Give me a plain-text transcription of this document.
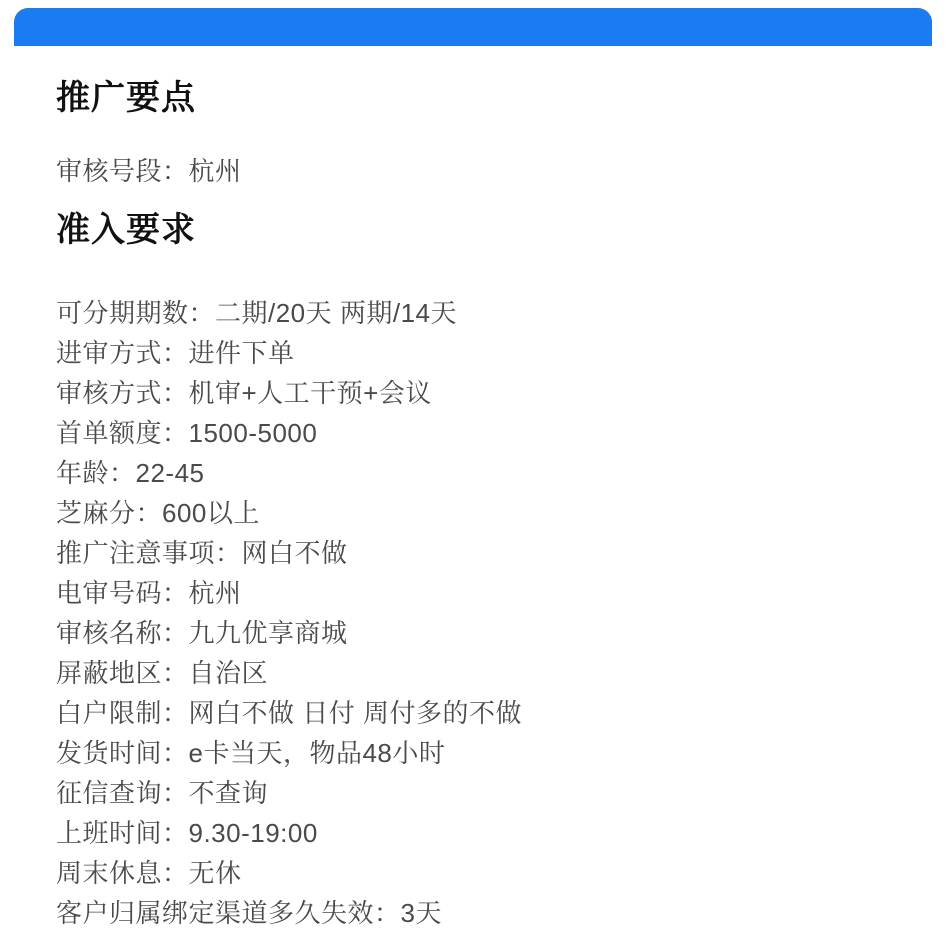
推广要点
审核号段：杭州
准入要求
可分期期数：二期/20天 两期/14天
进审方式：进件下单
审核方式：机审+人工干预+会议
首单额度：1500-5000
年龄：22-45
芝麻分：600以上
推广注意事项：网白不做
电审号码：杭州
审核名称：九九优享商城
屏蔽地区：自治区
白户限制：网白不做 日付 周付多的不做
发货时间：e卡当天，物品48小时
征信查询：不查询
上班时间：9.30-19:00
周末休息：无休
客户归属绑定渠道多久失效：3天
